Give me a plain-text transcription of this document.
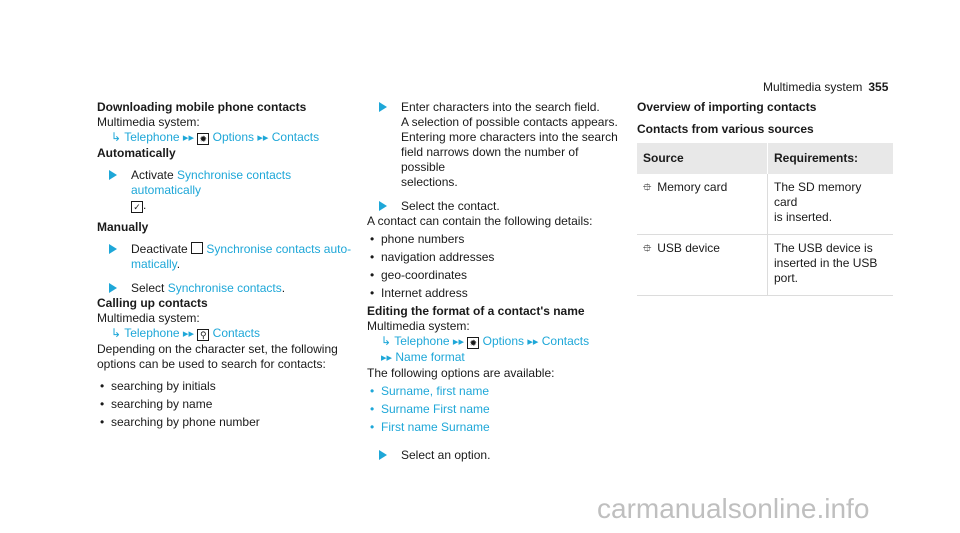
Multimedia system 355
Downloading mobile phone contacts
Multimedia system:
↳ Telephone ▸▸ ✹ Options ▸▸ Contacts
Automatically
Activate Synchronise contacts automatically
✓ .
Manually
Deactivate Synchronise contacts auto-
matically.
Select Synchronise contacts.
Calling up contacts
Multimedia system:
↳ Telephone ▸▸ ⚲ Contacts
Depending on the character set, the following
options can be used to search for contacts:
• searching by initials
• searching by name
• searching by phone number
Enter characters into the search field.
A selection of possible contacts appears.
Entering more characters into the search
field narrows down the number of possible
selections.
Select the contact.
A contact can contain the following details:
• phone numbers
• navigation addresses
• geo-coordinates
• Internet address
Editing the format of a contact's name
Multimedia system:
↳ Telephone ▸▸ ✹ Options ▸▸ Contacts
▸▸ Name format
The following options are available:
• Surname, first name
• Surname First name
• First name Surname
Select an option.
Overview of importing contacts
Contacts from various sources
Source	Requirements:
⯐ Memory card	The SD memory card
is inserted.

⯐ USB device	The USB device is
inserted in the USB
port.
carmanualsonline.info
